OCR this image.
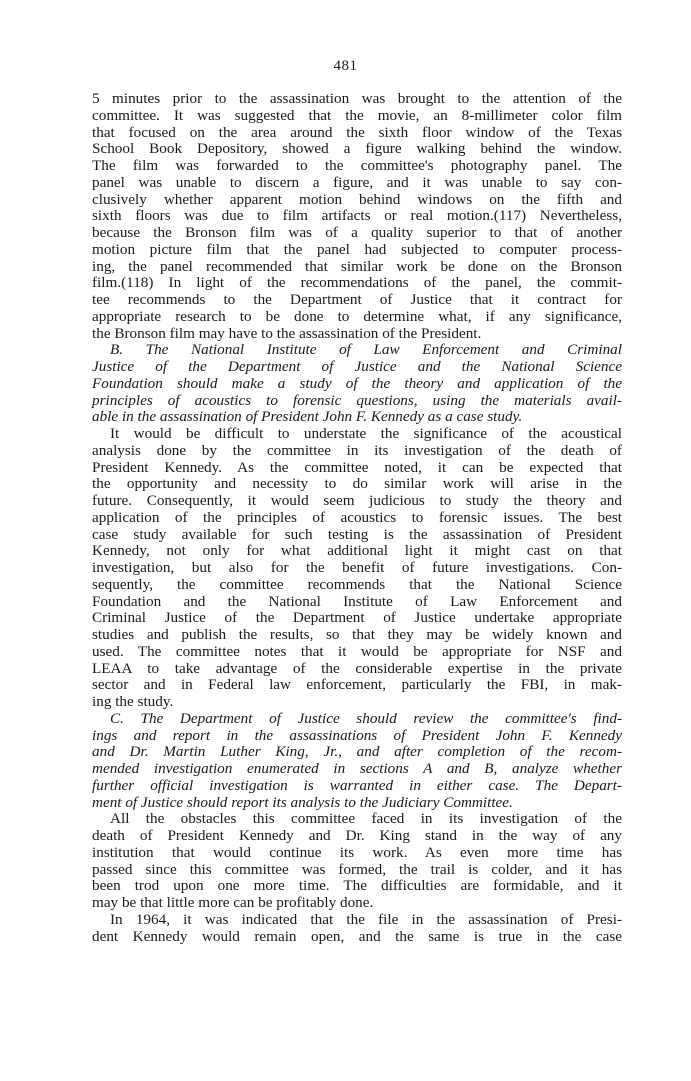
481
5 minutes prior to the assassination was brought to the attention of the
committee. It was suggested that the movie, an 8-millimeter color film
that focused on the area around the sixth floor window of the Texas
School Book Depository, showed a figure walking behind the window.
The film was forwarded to the committee's photography panel. The
panel was unable to discern a figure, and it was unable to say con-
clusively whether apparent motion behind windows on the fifth and
sixth floors was due to film artifacts or real motion.(117) Nevertheless,
because the Bronson film was of a quality superior to that of another
motion picture film that the panel had subjected to computer process-
ing, the panel recommended that similar work be done on the Bronson
film.(118) In light of the recommendations of the panel, the commit-
tee recommends to the Department of Justice that it contract for
appropriate research to be done to determine what, if any significance,
the Bronson film may have to the assassination of the President.
B. The National Institute of Law Enforcement and Criminal
Justice of the Department of Justice and the National Science
Foundation should make a study of the theory and application of the
principles of acoustics to forensic questions, using the materials avail-
able in the assassination of President John F. Kennedy as a case study.
It would be difficult to understate the significance of the acoustical
analysis done by the committee in its investigation of the death of
President Kennedy. As the committee noted, it can be expected that
the opportunity and necessity to do similar work will arise in the
future. Consequently, it would seem judicious to study the theory and
application of the principles of acoustics to forensic issues. The best
case study available for such testing is the assassination of President
Kennedy, not only for what additional light it might cast on that
investigation, but also for the benefit of future investigations. Con-
sequently, the committee recommends that the National Science
Foundation and the National Institute of Law Enforcement and
Criminal Justice of the Department of Justice undertake appropriate
studies and publish the results, so that they may be widely known and
used. The committee notes that it would be appropriate for NSF and
LEAA to take advantage of the considerable expertise in the private
sector and in Federal law enforcement, particularly the FBI, in mak-
ing the study.
C. The Department of Justice should review the committee's find-
ings and report in the assassinations of President John F. Kennedy
and Dr. Martin Luther King, Jr., and after completion of the recom-
mended investigation enumerated in sections A and B, analyze whether
further official investigation is warranted in either case. The Depart-
ment of Justice should report its analysis to the Judiciary Committee.
All the obstacles this committee faced in its investigation of the
death of President Kennedy and Dr. King stand in the way of any
institution that would continue its work. As even more time has
passed since this committee was formed, the trail is colder, and it has
been trod upon one more time. The difficulties are formidable, and it
may be that little more can be profitably done.
In 1964, it was indicated that the file in the assassination of Presi-
dent Kennedy would remain open, and the same is true in the case
